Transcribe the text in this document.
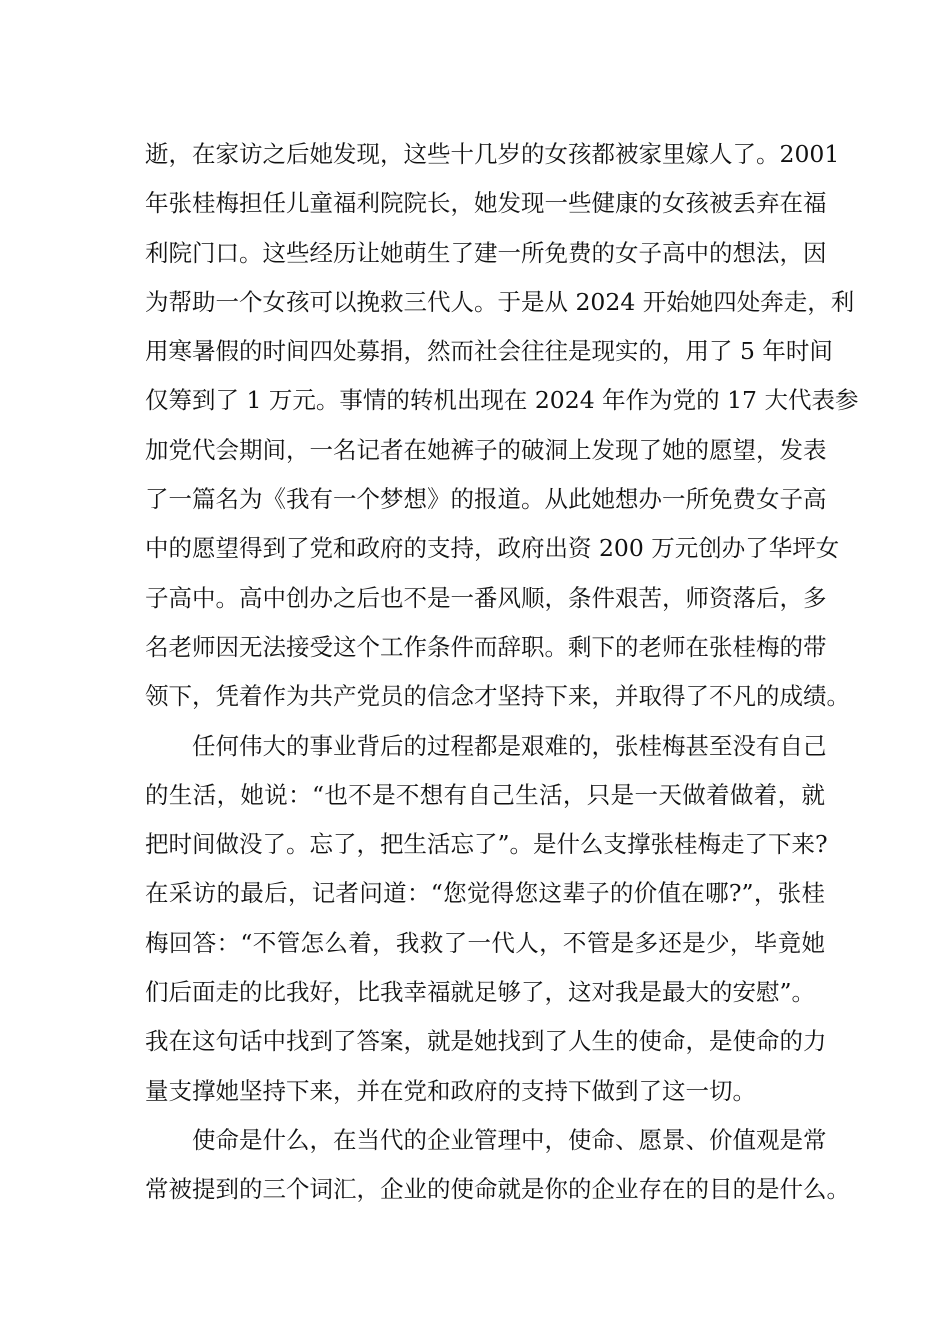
逝，在家访之后她发现，这些十几岁的女孩都被家里嫁人了。2001
年张桂梅担任儿童福利院院长，她发现一些健康的女孩被丢弃在福
利院门口。这些经历让她萌生了建一所免费的女子高中的想法，因
为帮助一个女孩可以挽救三代人。于是从 2024 开始她四处奔走，利
用寒暑假的时间四处募捐，然而社会往往是现实的，用了 5 年时间
仅筹到了 1 万元。事情的转机出现在 2024 年作为党的 17 大代表参
加党代会期间，一名记者在她裤子的破洞上发现了她的愿望，发表
了一篇名为《我有一个梦想》的报道。从此她想办一所免费女子高
中的愿望得到了党和政府的支持，政府出资 200 万元创办了华坪女
子高中。高中创办之后也不是一番风顺，条件艰苦，师资落后，多
名老师因无法接受这个工作条件而辞职。剩下的老师在张桂梅的带
领下，凭着作为共产党员的信念才坚持下来，并取得了不凡的成绩。
任何伟大的事业背后的过程都是艰难的，张桂梅甚至没有自己
的生活，她说：“也不是不想有自己生活，只是一天做着做着，就
把时间做没了。忘了，把生活忘了”。是什么支撑张桂梅走了下来?
在采访的最后，记者问道：“您觉得您这辈子的价值在哪?”，张桂
梅回答：“不管怎么着，我救了一代人，不管是多还是少，毕竟她
们后面走的比我好，比我幸福就足够了，这对我是最大的安慰”。
我在这句话中找到了答案，就是她找到了人生的使命，是使命的力
量支撑她坚持下来，并在党和政府的支持下做到了这一切。
使命是什么，在当代的企业管理中，使命、愿景、价值观是常
常被提到的三个词汇，企业的使命就是你的企业存在的目的是什么。
